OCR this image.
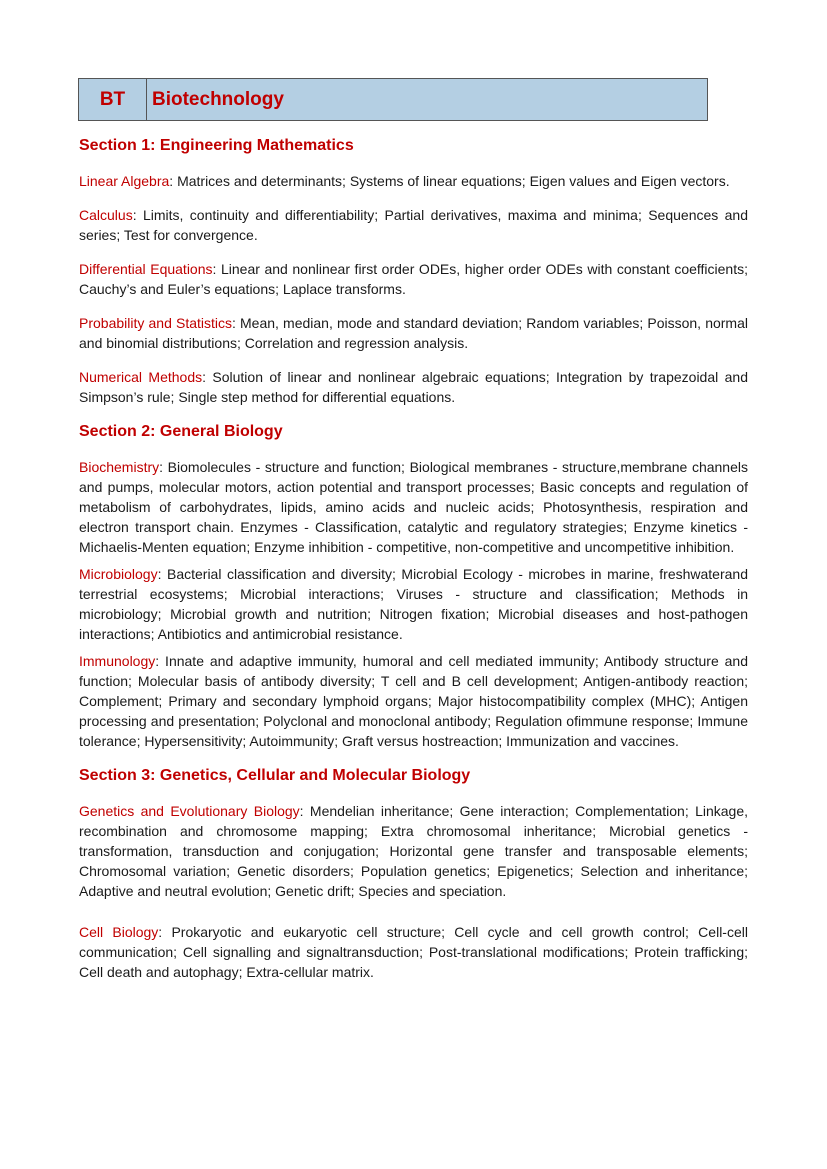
BT	Biotechnology
Section 1: Engineering Mathematics

Linear Algebra: Matrices and determinants; Systems of linear equations; Eigen values and Eigen vectors.

Calculus: Limits, continuity and differentiability; Partial derivatives, maxima and minima; Sequences and series; Test for convergence.

Differential Equations: Linear and nonlinear first order ODEs, higher order ODEs with constant coefficients; Cauchy’s and Euler’s equations; Laplace transforms.

Probability and Statistics: Mean, median, mode and standard deviation; Random variables; Poisson, normal and binomial distributions; Correlation and regression analysis.

Numerical Methods: Solution of linear and nonlinear algebraic equations; Integration by trapezoidal and Simpson’s rule; Single step method for differential equations.

Section 2: General Biology

Biochemistry: Biomolecules - structure and function; Biological membranes - structure,membrane channels and pumps, molecular motors, action potential and transport processes; Basic concepts and regulation of metabolism of carbohydrates, lipids, amino acids and nucleic acids; Photosynthesis, respiration and electron transport chain. Enzymes - Classification, catalytic and regulatory strategies; Enzyme kinetics - Michaelis-Menten equation; Enzyme inhibition - competitive, non-competitive and uncompetitive inhibition.

Microbiology: Bacterial classification and diversity; Microbial Ecology - microbes in marine, freshwaterand terrestrial ecosystems; Microbial interactions; Viruses - structure and classification; Methods in microbiology; Microbial growth and nutrition; Nitrogen fixation; Microbial diseases and host-pathogen interactions; Antibiotics and antimicrobial resistance.

Immunology: Innate and adaptive immunity, humoral and cell mediated immunity; Antibody structure and function; Molecular basis of antibody diversity; T cell and B cell development; Antigen-antibody reaction; Complement; Primary and secondary lymphoid organs; Major histocompatibility complex (MHC); Antigen processing and presentation; Polyclonal and monoclonal antibody; Regulation ofimmune response; Immune tolerance; Hypersensitivity; Autoimmunity; Graft versus hostreaction; Immunization and vaccines.

Section 3: Genetics, Cellular and Molecular Biology

Genetics and Evolutionary Biology: Mendelian inheritance; Gene interaction; Complementation; Linkage, recombination and chromosome mapping; Extra chromosomal inheritance; Microbial genetics - transformation, transduction and conjugation; Horizontal gene transfer and transposable elements; Chromosomal variation; Genetic disorders; Population genetics; Epigenetics; Selection and inheritance; Adaptive and neutral evolution; Genetic drift; Species and speciation.

Cell Biology: Prokaryotic and eukaryotic cell structure; Cell cycle and cell growth control; Cell-cell communication; Cell signalling and signaltransduction; Post-translational modifications; Protein trafficking; Cell death and autophagy; Extra-cellular matrix.
